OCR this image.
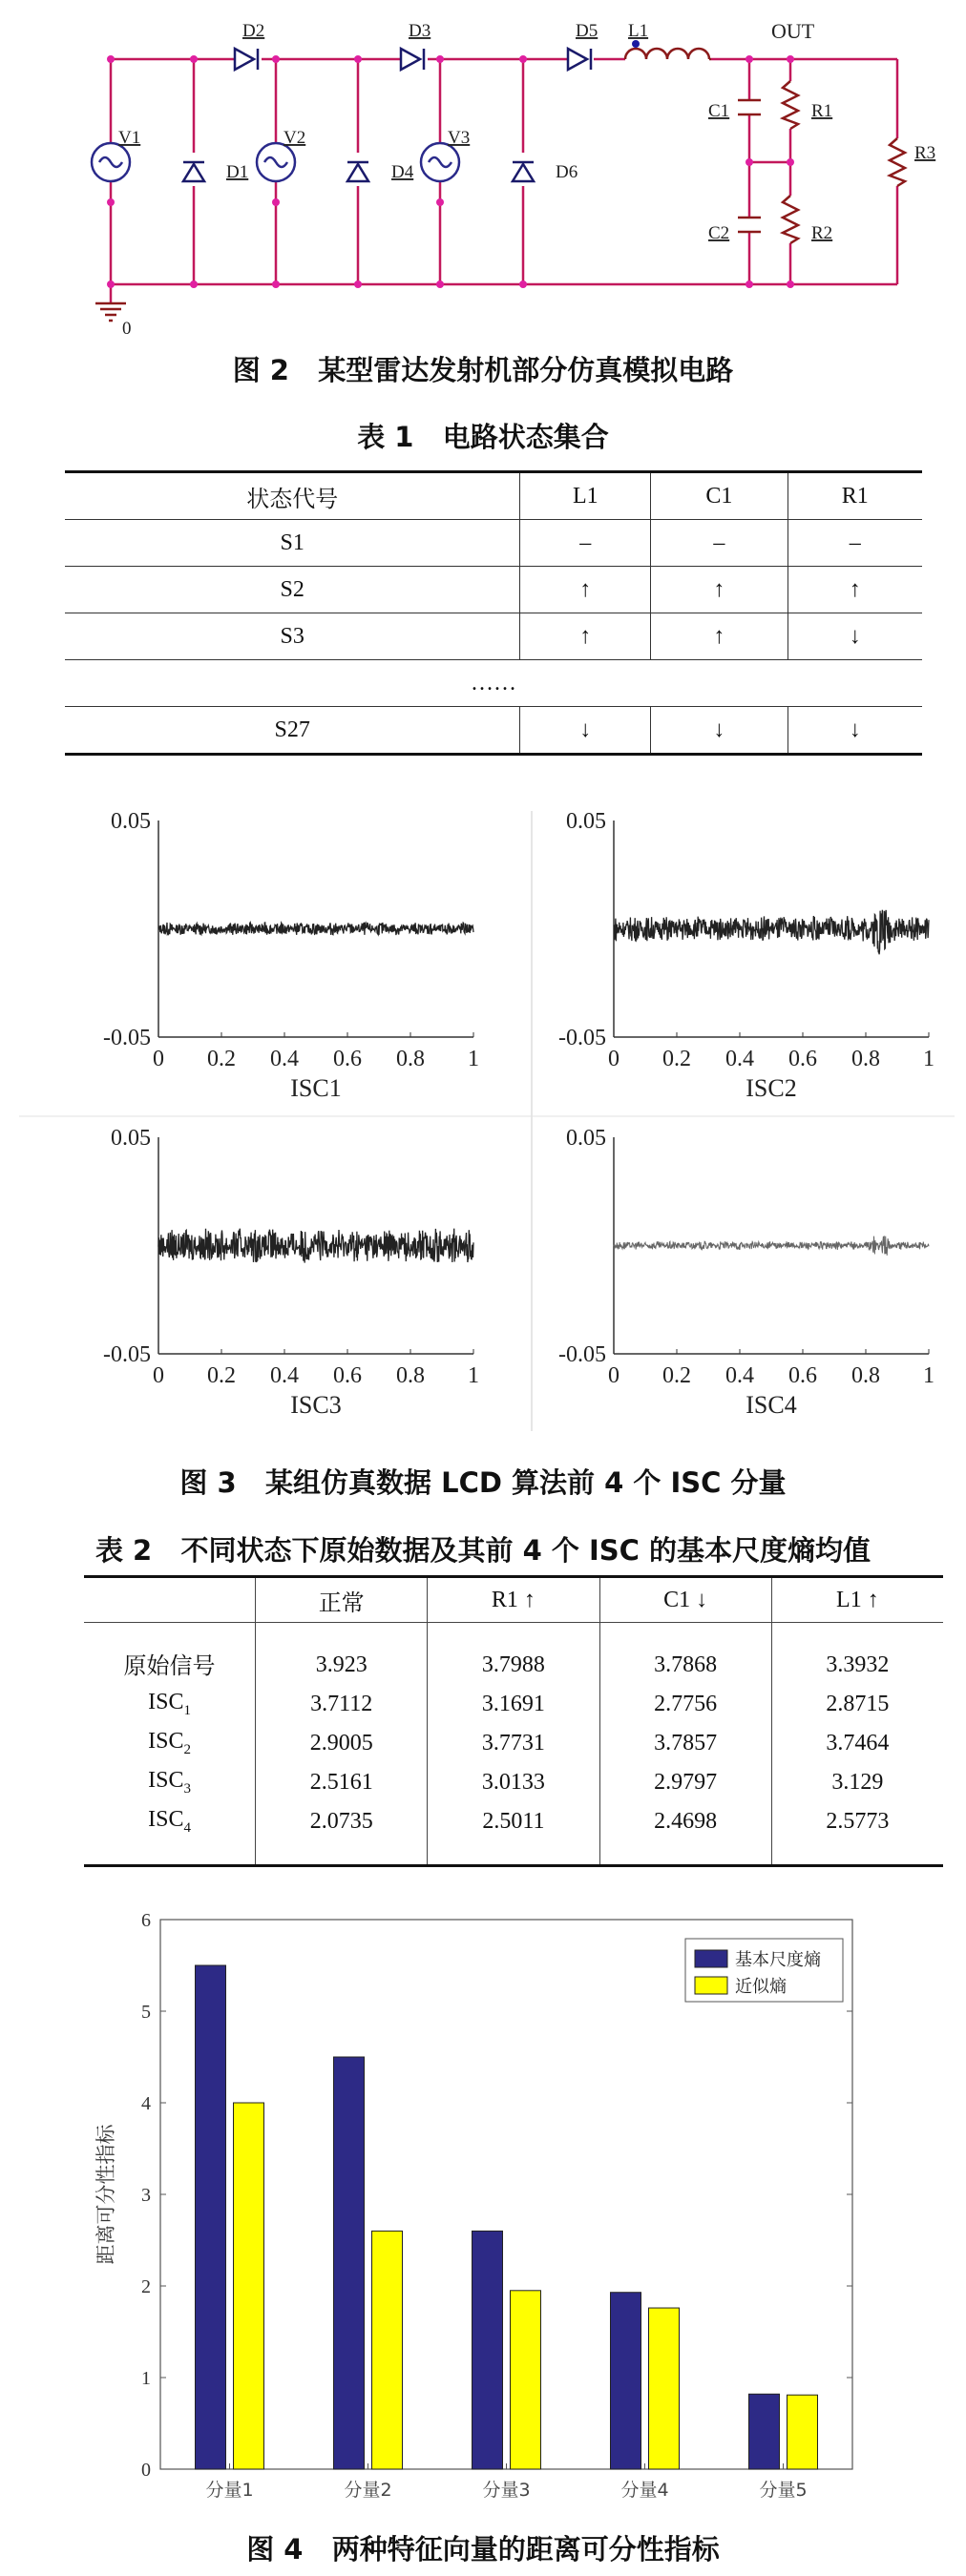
V1	V2	V3
D1	D4
D2	D3	D5 L1
C1
C2
R1
R2
R3
D6
OUT
0
图 2 某型雷达发射机部分仿真模拟电路
表 1 电路状态集合
状态代号	L1	C1	R1
S1	–	–	–
S2	↑	↑	↑
S3	↑	↑	↓
……			
S27	↓	↓	↓
0.05
-0.05
0 0.2 0.4 0.6 0.8 1
ISC1
0.05
-0.05
0 0.2 0.4 0.6 0.8 1
ISC2
0.05
-0.05
0 0.2 0.4 0.6 0.8 1
ISC3
0.05
-0.05
0 0.2 0.4 0.6 0.8 1
ISC4
图 3 某组仿真数据 LCD 算法前 4 个 ISC 分量
表 2 不同状态下原始数据及其前 4 个 ISC 的基本尺度熵均值
	正常	R1 ↑	C1 ↓	L1 ↑

原始信号	3.923	3.7988	3.7868	3.3932
$ISC_1$	3.7112	3.1691	2.7756	2.8715
$ISC_2$	2.9005	3.7731	3.7857	3.7464
$ISC_3$	2.5161	3.0133	2.9797	3.129
$ISC_4$	2.0735	2.5011	2.4698	2.5773

0
1
2
3
4
5
6
距离可分性指标
分量1	分量2	分量3	分量4	分量5
基本尺度熵
近似熵
图 4 两种特征向量的距离可分性指标
